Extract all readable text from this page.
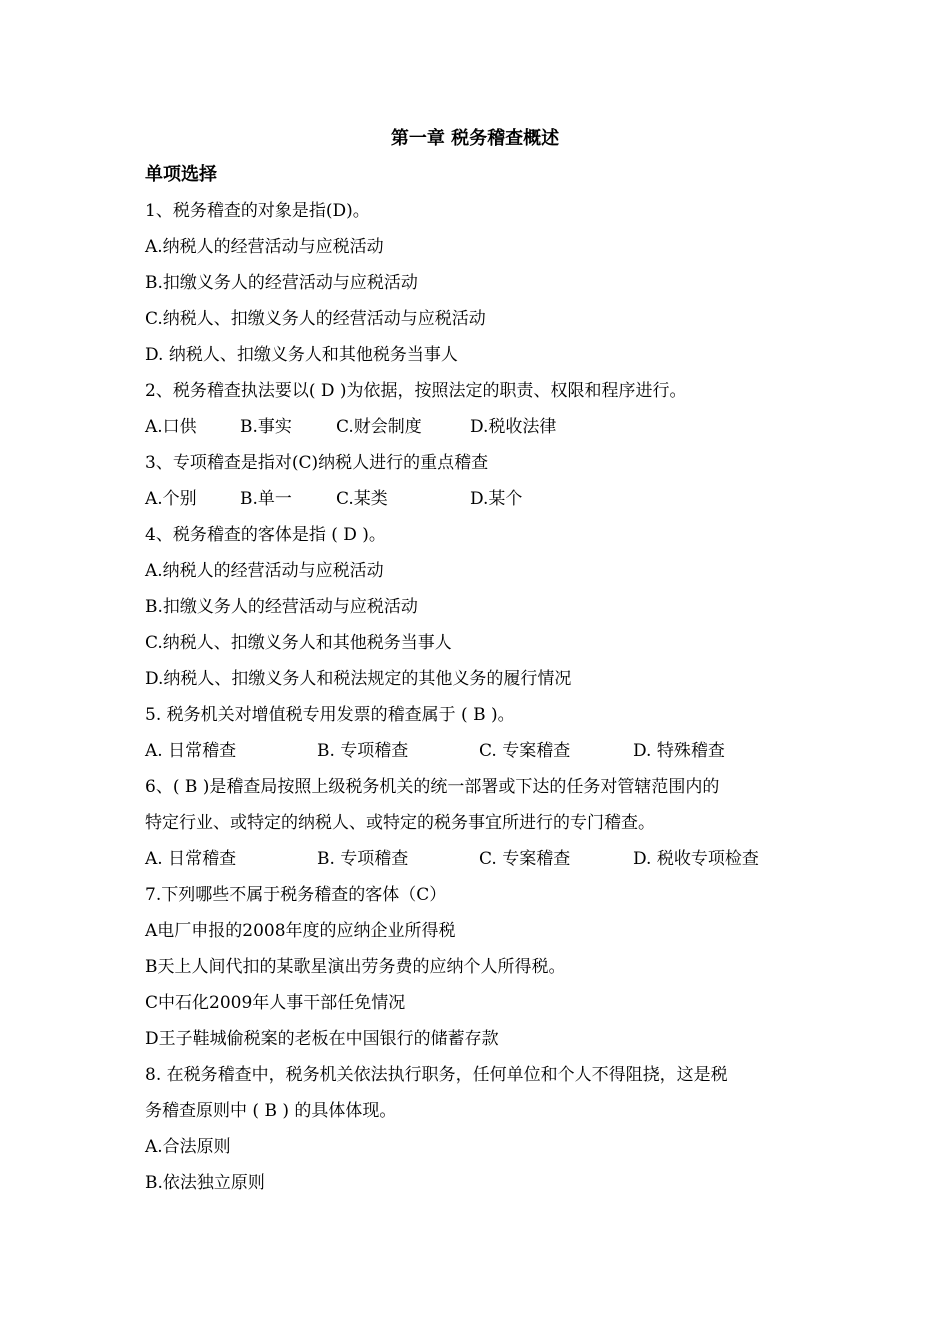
第一章 税务稽查概述
单项选择
1、税务稽查的对象是指(D)。
A.纳税人的经营活动与应税活动
B.扣缴义务人的经营活动与应税活动
C.纳税人、扣缴义务人的经营活动与应税活动
D. 纳税人、扣缴义务人和其他税务当事人
2、税务稽查执法要以( D )为依据，按照法定的职责、权限和程序进行。
A.口供	B.事实	C.财会制度	D.税收法律
3、专项稽查是指对(C)纳税人进行的重点稽查
A.个别	B.单一	C.某类	D.某个
4、税务稽查的客体是指 ( D )。
A.纳税人的经营活动与应税活动
B.扣缴义务人的经营活动与应税活动
C.纳税人、扣缴义务人和其他税务当事人
D.纳税人、扣缴义务人和税法规定的其他义务的履行情况
5. 税务机关对增值税专用发票的稽查属于 ( B )。
A. 日常稽查	B. 专项稽查	C. 专案稽查	D. 特殊稽查
6、( B )是稽查局按照上级税务机关的统一部署或下达的任务对管辖范围内的
特定行业、或特定的纳税人、或特定的税务事宜所进行的专门稽查。
A. 日常稽查	B. 专项稽查	C. 专案稽查	D. 税收专项检查
7.下列哪些不属于税务稽查的客体（C）
A电厂申报的2008年度的应纳企业所得税
B天上人间代扣的某歌星演出劳务费的应纳个人所得税。
C中石化2009年人事干部任免情况
D王子鞋城偷税案的老板在中国银行的储蓄存款
8. 在税务稽查中，税务机关依法执行职务，任何单位和个人不得阻挠，这是税
务稽查原则中 ( B ) 的具体体现。
A.合法原则
B.依法独立原则
